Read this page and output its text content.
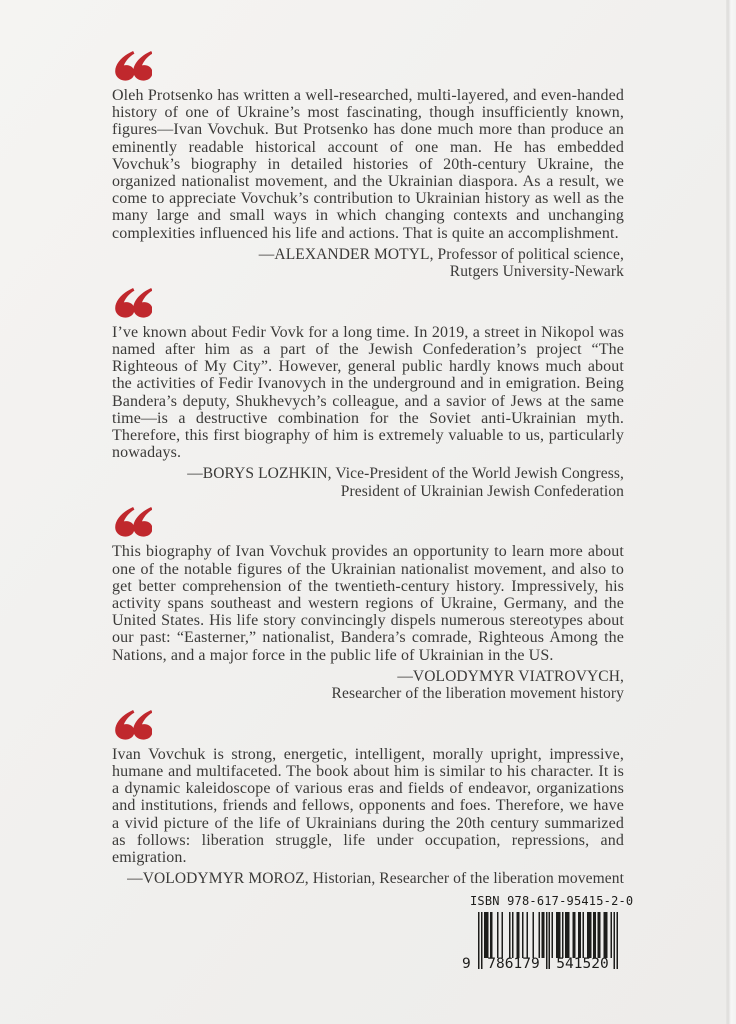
Oleh Protsenko has written a well-researched, multi-layered, and even-handed history of one of Ukraine’s most fascinating, though insufficiently known, figures—Ivan Vovchuk. But Protsenko has done much more than produce an eminently readable historical account of one man. He has embedded Vovchuk’s biography in detailed histories of 20th-century Ukraine, the organized nationalist movement, and the Ukrainian diaspora. As a result, we come to appreciate Vovchuk’s contribution to Ukrainian history as well as the many large and small ways in which changing contexts and unchanging complexities influenced his life and actions. That is quite an accomplishment.

—ALEXANDER MOTYL, Professor of political science,
Rutgers University-Newark

I’ve known about Fedir Vovk for a long time. In 2019, a street in Nikopol was named after him as a part of the Jewish Confederation’s project “The Righteous of My City”. However, general public hardly knows much about the activities of Fedir Ivanovych in the underground and in emigration. Being Bandera’s deputy, Shukhevych’s colleague, and a savior of Jews at the same time—is a destructive combination for the Soviet anti-Ukrainian myth. Therefore, this first biography of him is extremely valuable to us, particularly nowadays.

—BORYS LOZHKIN, Vice-President of the World Jewish Congress,
President of Ukrainian Jewish Confederation

This biography of Ivan Vovchuk provides an opportunity to learn more about one of the notable figures of the Ukrainian nationalist movement, and also to get better comprehension of the twentieth-century history. Impressively, his activity spans southeast and western regions of Ukraine, Germany, and the United States. His life story convincingly dispels numerous stereotypes about our past: “Easterner,” nationalist, Bandera’s comrade, Righteous Among the Nations, and a major force in the public life of Ukrainian in the US.

—VOLODYMYR VIATROVYCH,
Researcher of the liberation movement history

Ivan Vovchuk is strong, energetic, intelligent, morally upright, impressive, humane and multifaceted. The book about him is similar to his character. It is a dynamic kaleidoscope of various eras and fields of endeavor, organizations and institutions, friends and fellows, opponents and foes. Therefore, we have a vivid picture of the life of Ukrainians during the 20th century summarized as follows: liberation struggle, life under occupation, repressions, and emigration.

—VOLODYMYR MOROZ, Historian, Researcher of the liberation movement
ISBN 978-617-95415-2-0
9 786179 541520
